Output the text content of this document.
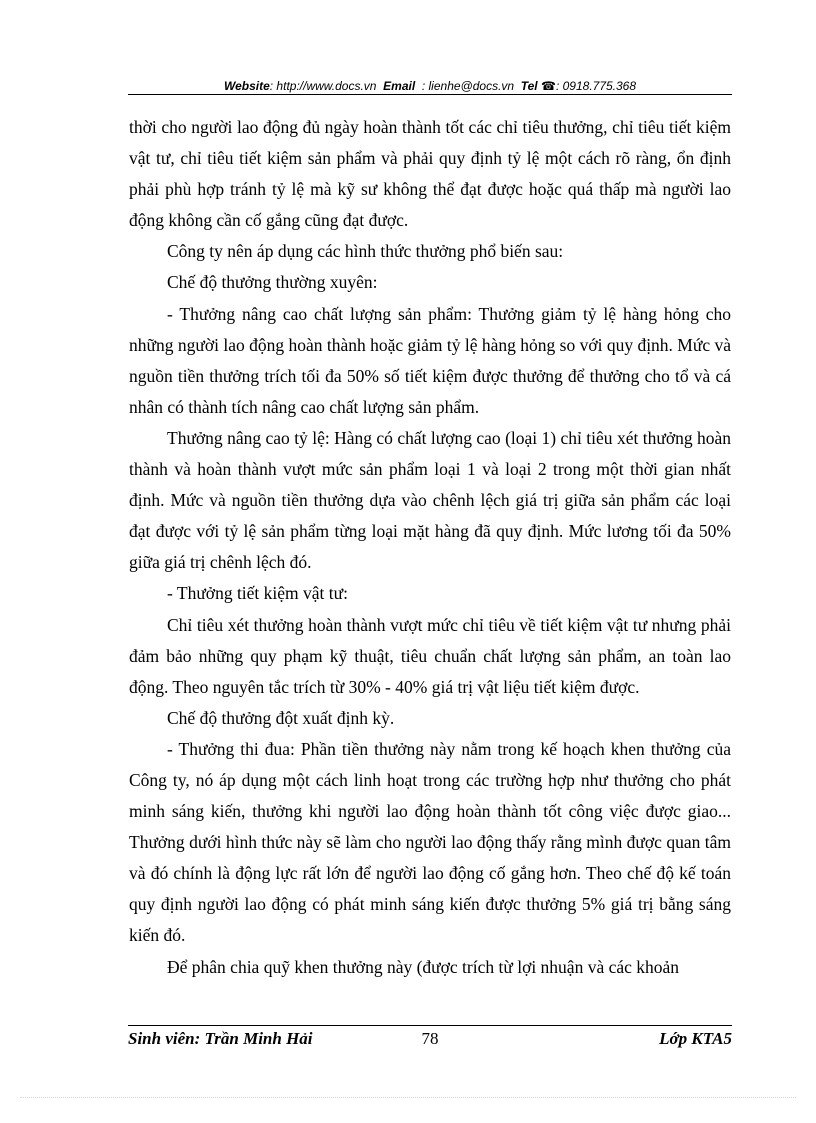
Website: http://www.docs.vn Email : lienhe@docs.vn Tel ☎: 0918.775.368

thời cho người lao động đủ ngày hoàn thành tốt các chỉ tiêu thưởng, chỉ tiêu tiết kiệm vật tư, chỉ tiêu tiết kiệm sản phẩm và phải quy định tỷ lệ một cách rõ ràng, ổn định phải phù hợp tránh tỷ lệ mà kỹ sư không thể đạt được hoặc quá thấp mà người lao động không cần cố gắng cũng đạt được.

Công ty nên áp dụng các hình thức thưởng phổ biến sau:

Chế độ thưởng thường xuyên:

- Thưởng nâng cao chất lượng sản phẩm: Thưởng giảm tỷ lệ hàng hỏng cho những người lao động hoàn thành hoặc giảm tỷ lệ hàng hỏng so với quy định. Mức và nguồn tiền thưởng trích tối đa 50% số tiết kiệm được thưởng để thưởng cho tổ và cá nhân có thành tích nâng cao chất lượng sản phẩm.

Thưởng nâng cao tỷ lệ: Hàng có chất lượng cao (loại 1) chỉ tiêu xét thưởng hoàn thành và hoàn thành vượt mức sản phẩm loại 1 và loại 2 trong một thời gian nhất định. Mức và nguồn tiền thưởng dựa vào chênh lệch giá trị giữa sản phẩm các loại đạt được với tỷ lệ sản phẩm từng loại mặt hàng đã quy định. Mức lương tối đa 50% giữa giá trị chênh lệch đó.

- Thưởng tiết kiệm vật tư:

Chỉ tiêu xét thưởng hoàn thành vượt mức chỉ tiêu về tiết kiệm vật tư nhưng phải đảm bảo những quy phạm kỹ thuật, tiêu chuẩn chất lượng sản phẩm, an toàn lao động. Theo nguyên tắc trích từ 30% - 40% giá trị vật liệu tiết kiệm được.

Chế độ thưởng đột xuất định kỳ.

- Thưởng thi đua: Phần tiền thưởng này nằm trong kế hoạch khen thưởng của Công ty, nó áp dụng một cách linh hoạt trong các trường hợp như thưởng cho phát minh sáng kiến, thưởng khi người lao động hoàn thành tốt công việc được giao... Thưởng dưới hình thức này sẽ làm cho người lao động thấy rằng mình được quan tâm và đó chính là động lực rất lớn để người lao động cố gắng hơn. Theo chế độ kế toán quy định người lao động có phát minh sáng kiến được thưởng 5% giá trị bằng sáng kiến đó.

Để phân chia quỹ khen thưởng này (được trích từ lợi nhuận và các khoản

Sinh viên: Trần Minh Hải	78	Lớp KTA5
